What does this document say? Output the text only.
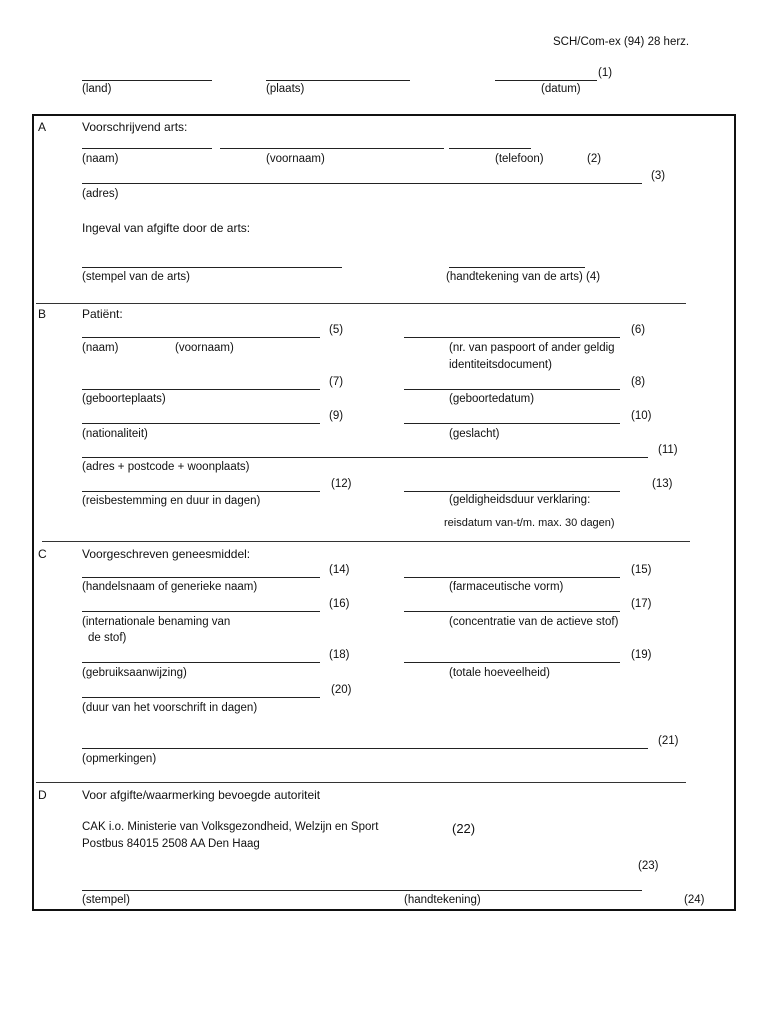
SCH/Com-ex (94) 28 herz.
(1)
(land)	(plaats)	(datum)
A	Voorschrijvend arts:
(naam)	(voornaam)	(telefoon)	(2)
(3)
(adres)
Ingeval van afgifte door de arts:
(stempel van de arts)	(handtekening van de arts) (4)
B	Patiënt:
(5)	(6)
(naam)	(voornaam)	(nr. van paspoort of ander geldig
identiteitsdocument)
(7)	(8)
(geboorteplaats)	(geboortedatum)
(9)	(10)
(nationaliteit)	(geslacht)
(11)
(adres + postcode + woonplaats)
(12)	(13)
(reisbestemming en duur in dagen)	(geldigheidsduur verklaring:
reisdatum van-t/m. max. 30 dagen)
C	Voorgeschreven geneesmiddel:
(14)	(15)
(handelsnaam of generieke naam)	(farmaceutische vorm)
(16)	(17)
(internationale benaming van
de stof)
(concentratie van de actieve stof)
(18)	(19)
(gebruiksaanwijzing)	(totale hoeveelheid)
(20)
(duur van het voorschrift in dagen)
(21)
(opmerkingen)
D	Voor afgifte/waarmerking bevoegde autoriteit
CAK i.o. Ministerie van Volksgezondheid, Welzijn en Sport	(22)
Postbus 84015 2508 AA Den Haag
(23)
(stempel)	(handtekening)	(24)
